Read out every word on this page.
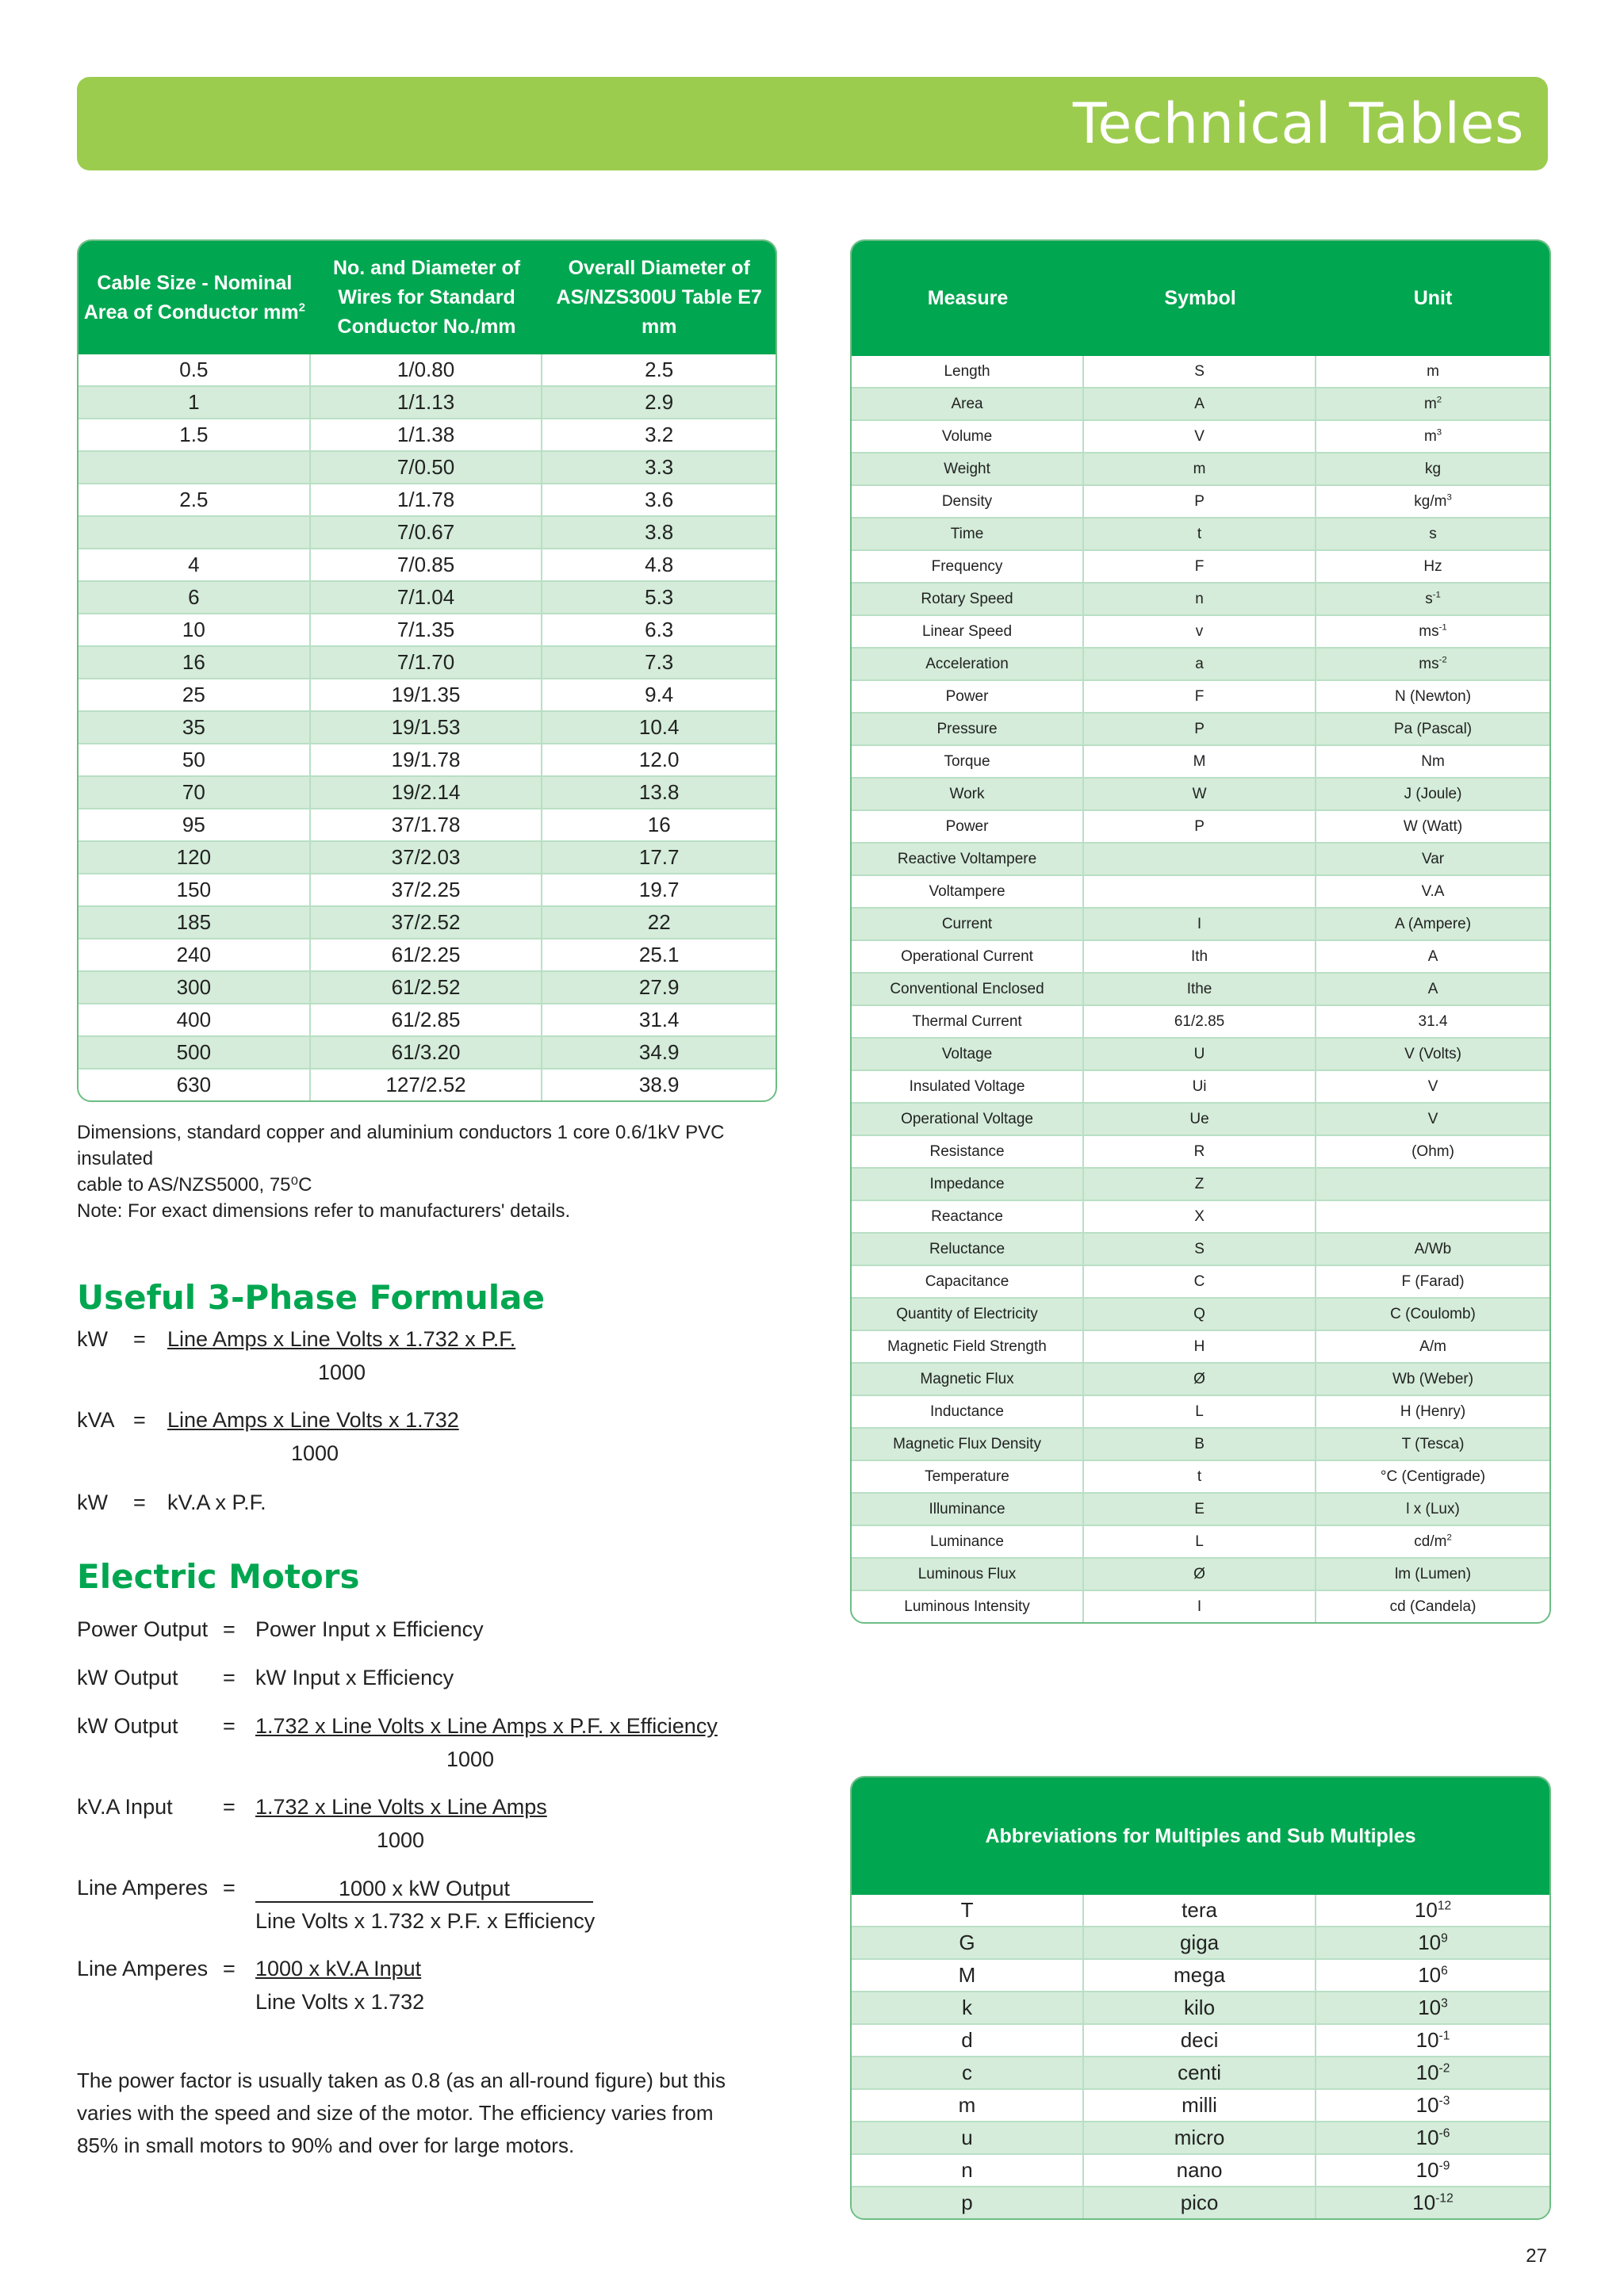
Technical Tables
Cable Size - Nominal Area of Conductor $mm^2$	No. and Diameter of Wires for Standard Conductor No./mm	Overall Diameter of AS/NZS300U Table E7 mm
0.5	1/0.80	2.5
1	1/1.13	2.9
1.5	1/1.38	3.2
	7/0.50	3.3
2.5	1/1.78	3.6
	7/0.67	3.8
4	7/0.85	4.8
6	7/1.04	5.3
10	7/1.35	6.3
16	7/1.70	7.3
25	19/1.35	9.4
35	19/1.53	10.4
50	19/1.78	12.0
70	19/2.14	13.8
95	37/1.78	16
120	37/2.03	17.7
150	37/2.25	19.7
185	37/2.52	22
240	61/2.25	25.1
300	61/2.52	27.9
400	61/2.85	31.4
500	61/3.20	34.9
630	127/2.52	38.9
Dimensions, standard copper and aluminium conductors 1 core 0.6/1kV PVC insulated
cable to AS/NZS5000, 75⁰C
Note: For exact dimensions refer to manufacturers' details.
Measure	Symbol	Unit
Length	S	m
Area	A	$m^2$
Volume	V	$m^3$
Weight	m	kg
Density	P	$kg/m^3$
Time	t	s
Frequency	F	Hz
Rotary Speed	n	$s^{-1}$
Linear Speed	v	$ms^{-1}$
Acceleration	a	$ms^{-2}$
Power	F	N (Newton)
Pressure	P	Pa (Pascal)
Torque	M	Nm
Work	W	J (Joule)
Power	P	W (Watt)
Reactive Voltampere		Var
Voltampere		V.A
Current	I	A (Ampere)
Operational Current	Ith	A
Conventional Enclosed	Ithe	A
Thermal Current	61/2.85	31.4
Voltage	U	V (Volts)
Insulated Voltage	Ui	V
Operational Voltage	Ue	V
Resistance	R	(Ohm)
Impedance	Z	
Reactance	X	
Reluctance	S	A/Wb
Capacitance	C	F (Farad)
Quantity of Electricity	Q	C (Coulomb)
Magnetic Field Strength	H	A/m
Magnetic Flux	Ø	Wb (Weber)
Inductance	L	H (Henry)
Magnetic Flux Density	B	T (Tesca)
Temperature	t	°C (Centigrade)
Illuminance	E	l x (Lux)
Luminance	L	$cd/m^2$
Luminous Flux	Ø	lm (Lumen)
Luminous Intensity	I	cd (Candela)
Abbreviations for Multiples and Sub Multiples		
T	tera	$10^{12}$
G	giga	$10^9$
M	mega	$10^6$
k	kilo	$10^3$
d	deci	$10^{-1}$
c	centi	$10^{-2}$
m	milli	$10^{-3}$
u	micro	$10^{-6}$
n	nano	$10^{-9}$
p	pico	$10^{-12}$
Useful 3-Phase Formulae
kW = Line Amps x Line Volts x 1.732 x P.F.
1000
kVA = Line Amps x Line Volts x 1.732
1000
kW = kV.A x P.F.
Electric Motors
Power Output = Power Input x Efficiency
kW Output = kW Input x Efficiency
kW Output = 1.732 x Line Volts x Line Amps x P.F. x Efficiency
1000
kV.A Input = 1.732 x Line Volts x Line Amps
1000
Line Amperes =	1000 x kW Output
Line Volts x 1.732 x P.F. x Efficiency
Line Amperes = 1000 x kV.A Input
Line Volts x 1.732
The power factor is usually taken as 0.8 (as an all-round figure) but this
varies with the speed and size of the motor. The efficiency varies from
85% in small motors to 90% and over for large motors.
27
